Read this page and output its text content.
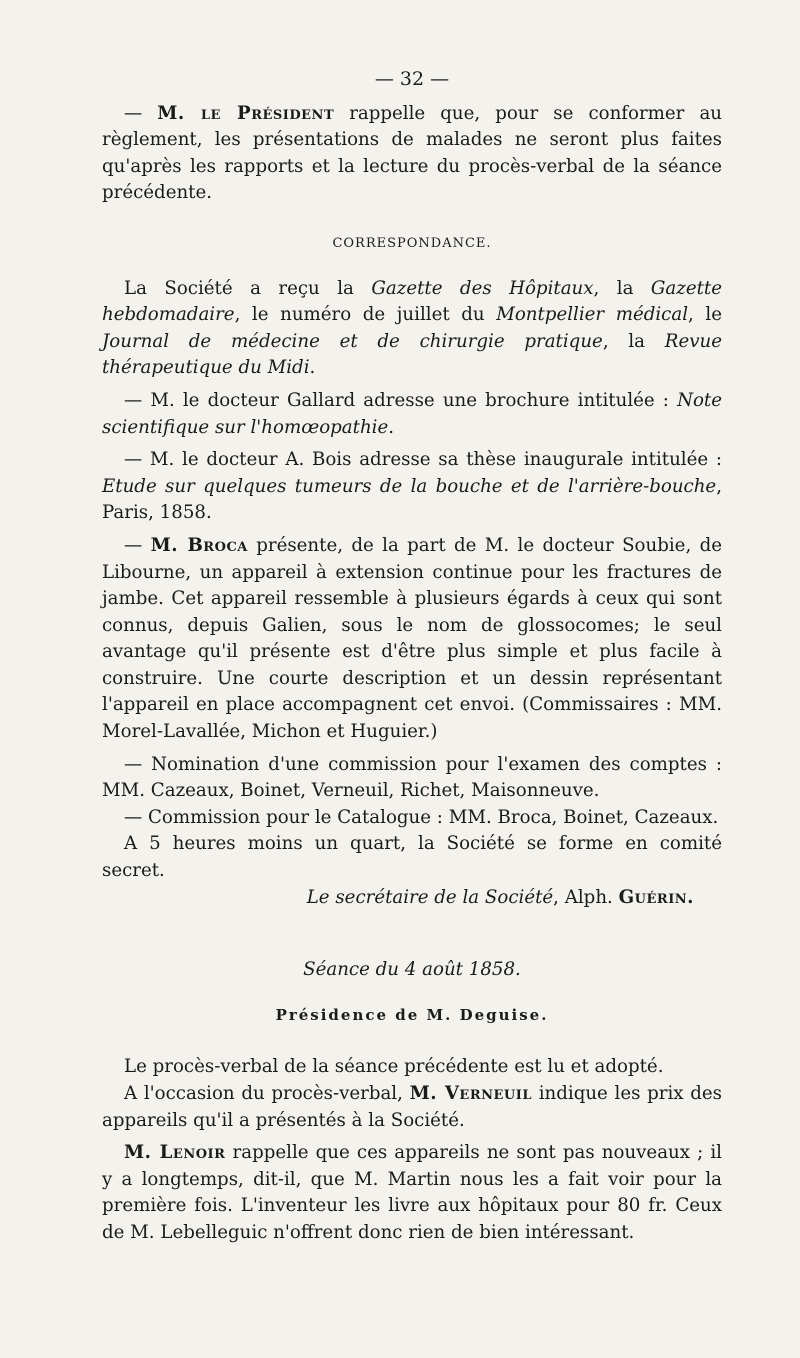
— 32 —

— M. le Président rappelle que, pour se conformer au règlement, les présentations de malades ne seront plus faites qu'après les rapports et la lecture du procès-verbal de la séance précédente.

CORRESPONDANCE.

La Société a reçu la Gazette des Hôpitaux, la Gazette hebdomadaire, le numéro de juillet du Montpellier médical, le Journal de médecine et de chirurgie pratique, la Revue thérapeutique du Midi.

— M. le docteur Gallard adresse une brochure intitulée : Note scientifique sur l'homœopathie.

— M. le docteur A. Bois adresse sa thèse inaugurale intitulée : Etude sur quelques tumeurs de la bouche et de l'arrière-bouche, Paris, 1858.

— M. Broca présente, de la part de M. le docteur Soubie, de Libourne, un appareil à extension continue pour les fractures de jambe. Cet appareil ressemble à plusieurs égards à ceux qui sont connus, depuis Galien, sous le nom de glossocomes; le seul avantage qu'il présente est d'être plus simple et plus facile à construire. Une courte description et un dessin représentant l'appareil en place accompagnent cet envoi. (Commissaires : MM. Morel-Lavallée, Michon et Huguier.)

— Nomination d'une commission pour l'examen des comptes : MM. Cazeaux, Boinet, Verneuil, Richet, Maisonneuve.

— Commission pour le Catalogue : MM. Broca, Boinet, Cazeaux.

A 5 heures moins un quart, la Société se forme en comité secret.

Le secrétaire de la Société, Alph. Guérin.
Séance du 4 août 1858.
Présidence de M. Deguise.

Le procès-verbal de la séance précédente est lu et adopté.

A l'occasion du procès-verbal, M. Verneuil indique les prix des appareils qu'il a présentés à la Société.

M. Lenoir rappelle que ces appareils ne sont pas nouveaux ; il y a longtemps, dit-il, que M. Martin nous les a fait voir pour la première fois. L'inventeur les livre aux hôpitaux pour 80 fr. Ceux de M. Lebelleguic n'offrent donc rien de bien intéressant.
